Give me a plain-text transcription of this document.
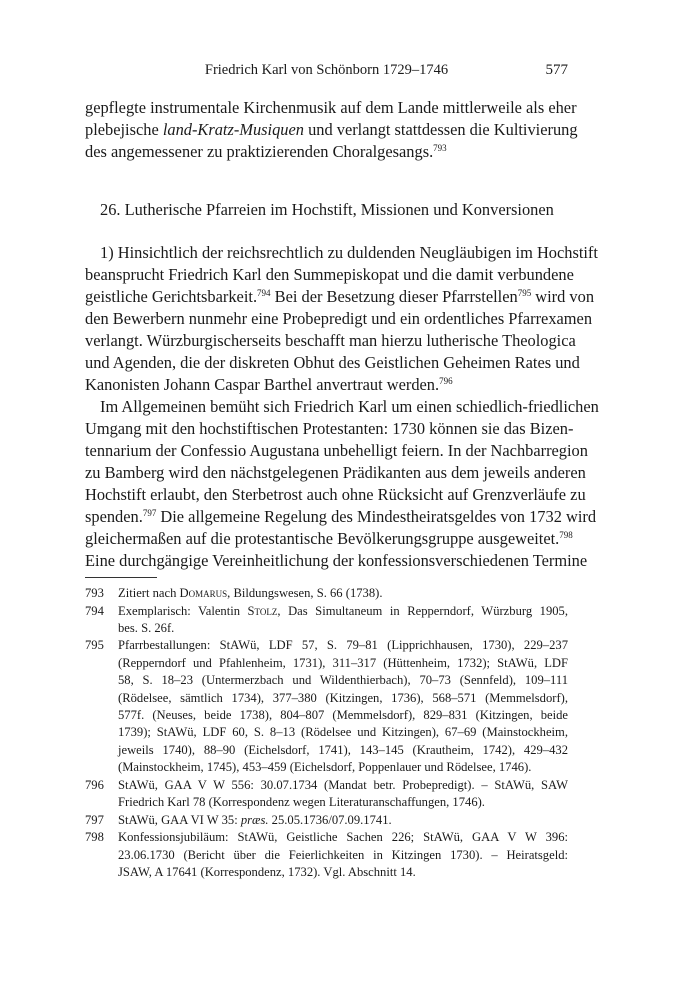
Friedrich Karl von Schönborn 1729–1746	577
gepflegte instrumentale Kirchenmusik auf dem Lande mittlerweile als eher
plebejische land-Kratz-Musiquen und verlangt stattdessen die Kultivierung
des angemessener zu praktizierenden Choralgesangs.$^{793}$
26. Lutherische Pfarreien im Hochstift, Missionen und Konversionen
1) Hinsichtlich der reichsrechtlich zu duldenden Neugläubigen im Hochstift
beansprucht Friedrich Karl den Summepiskopat und die damit verbundene
geistliche Gerichtsbarkeit.$^{794}$ Bei der Besetzung dieser Pfarrstellen$^{795}$ wird von
den Bewerbern nunmehr eine Probepredigt und ein ordentliches Pfarrexamen
verlangt. Würzburgischerseits beschafft man hierzu lutherische Theologica
und Agenden, die der diskreten Obhut des Geistlichen Geheimen Rates und
Kanonisten Johann Caspar Barthel anvertraut werden.$^{796}$
Im Allgemeinen bemüht sich Friedrich Karl um einen schiedlich-friedlichen
Umgang mit den hochstiftischen Protestanten: 1730 können sie das Bizen-
tennarium der Confessio Augustana unbehelligt feiern. In der Nachbarregion
zu Bamberg wird den nächstgelegenen Prädikanten aus dem jeweils anderen
Hochstift erlaubt, den Sterbetrost auch ohne Rücksicht auf Grenzverläufe zu
spenden.$^{797}$ Die allgemeine Regelung des Mindestheiratsgeldes von 1732 wird
gleichermaßen auf die protestantische Bevölkerungsgruppe ausgeweitet.$^{798}$
Eine durchgängige Vereinheitlichung der konfessionsverschiedenen Termine
793	Zitiert nach Domarus, Bildungswesen, S. 66 (1738).
794	Exemplarisch: Valentin Stolz, Das Simultaneum in Repperndorf, Würzburg 1905,
bes. S. 26f.
795	Pfarrbestallungen: StAWü, LDF 57, S. 79–81 (Lipprichhausen, 1730), 229–237
(Repperndorf und Pfahlenheim, 1731), 311–317 (Hüttenheim, 1732); StAWü, LDF
58, S. 18–23 (Untermerzbach und Wildenthierbach), 70–73 (Sennfeld), 109–111
(Rödelsee, sämtlich 1734), 377–380 (Kitzingen, 1736), 568–571 (Memmelsdorf),
577f. (Neuses, beide 1738), 804–807 (Memmelsdorf), 829–831 (Kitzingen, beide
1739); StAWü, LDF 60, S. 8–13 (Rödelsee und Kitzingen), 67–69 (Mainstockheim,
jeweils 1740), 88–90 (Eichelsdorf, 1741), 143–145 (Krautheim, 1742), 429–432
(Mainstockheim, 1745), 453–459 (Eichelsdorf, Poppenlauer und Rödelsee, 1746).
796	StAWü, GAA V W 556: 30.07.1734 (Mandat betr. Probepredigt). – StAWü, SAW
Friedrich Karl 78 (Korrespondenz wegen Literaturanschaffungen, 1746).
797	StAWü, GAA VI W 35: præs. 25.05.1736/07.09.1741.
798	Konfessionsjubiläum: StAWü, Geistliche Sachen 226; StAWü, GAA V W 396:
23.06.1730 (Bericht über die Feierlichkeiten in Kitzingen 1730). – Heiratsgeld:
JSAW, A 17641 (Korrespondenz, 1732). Vgl. Abschnitt 14.
